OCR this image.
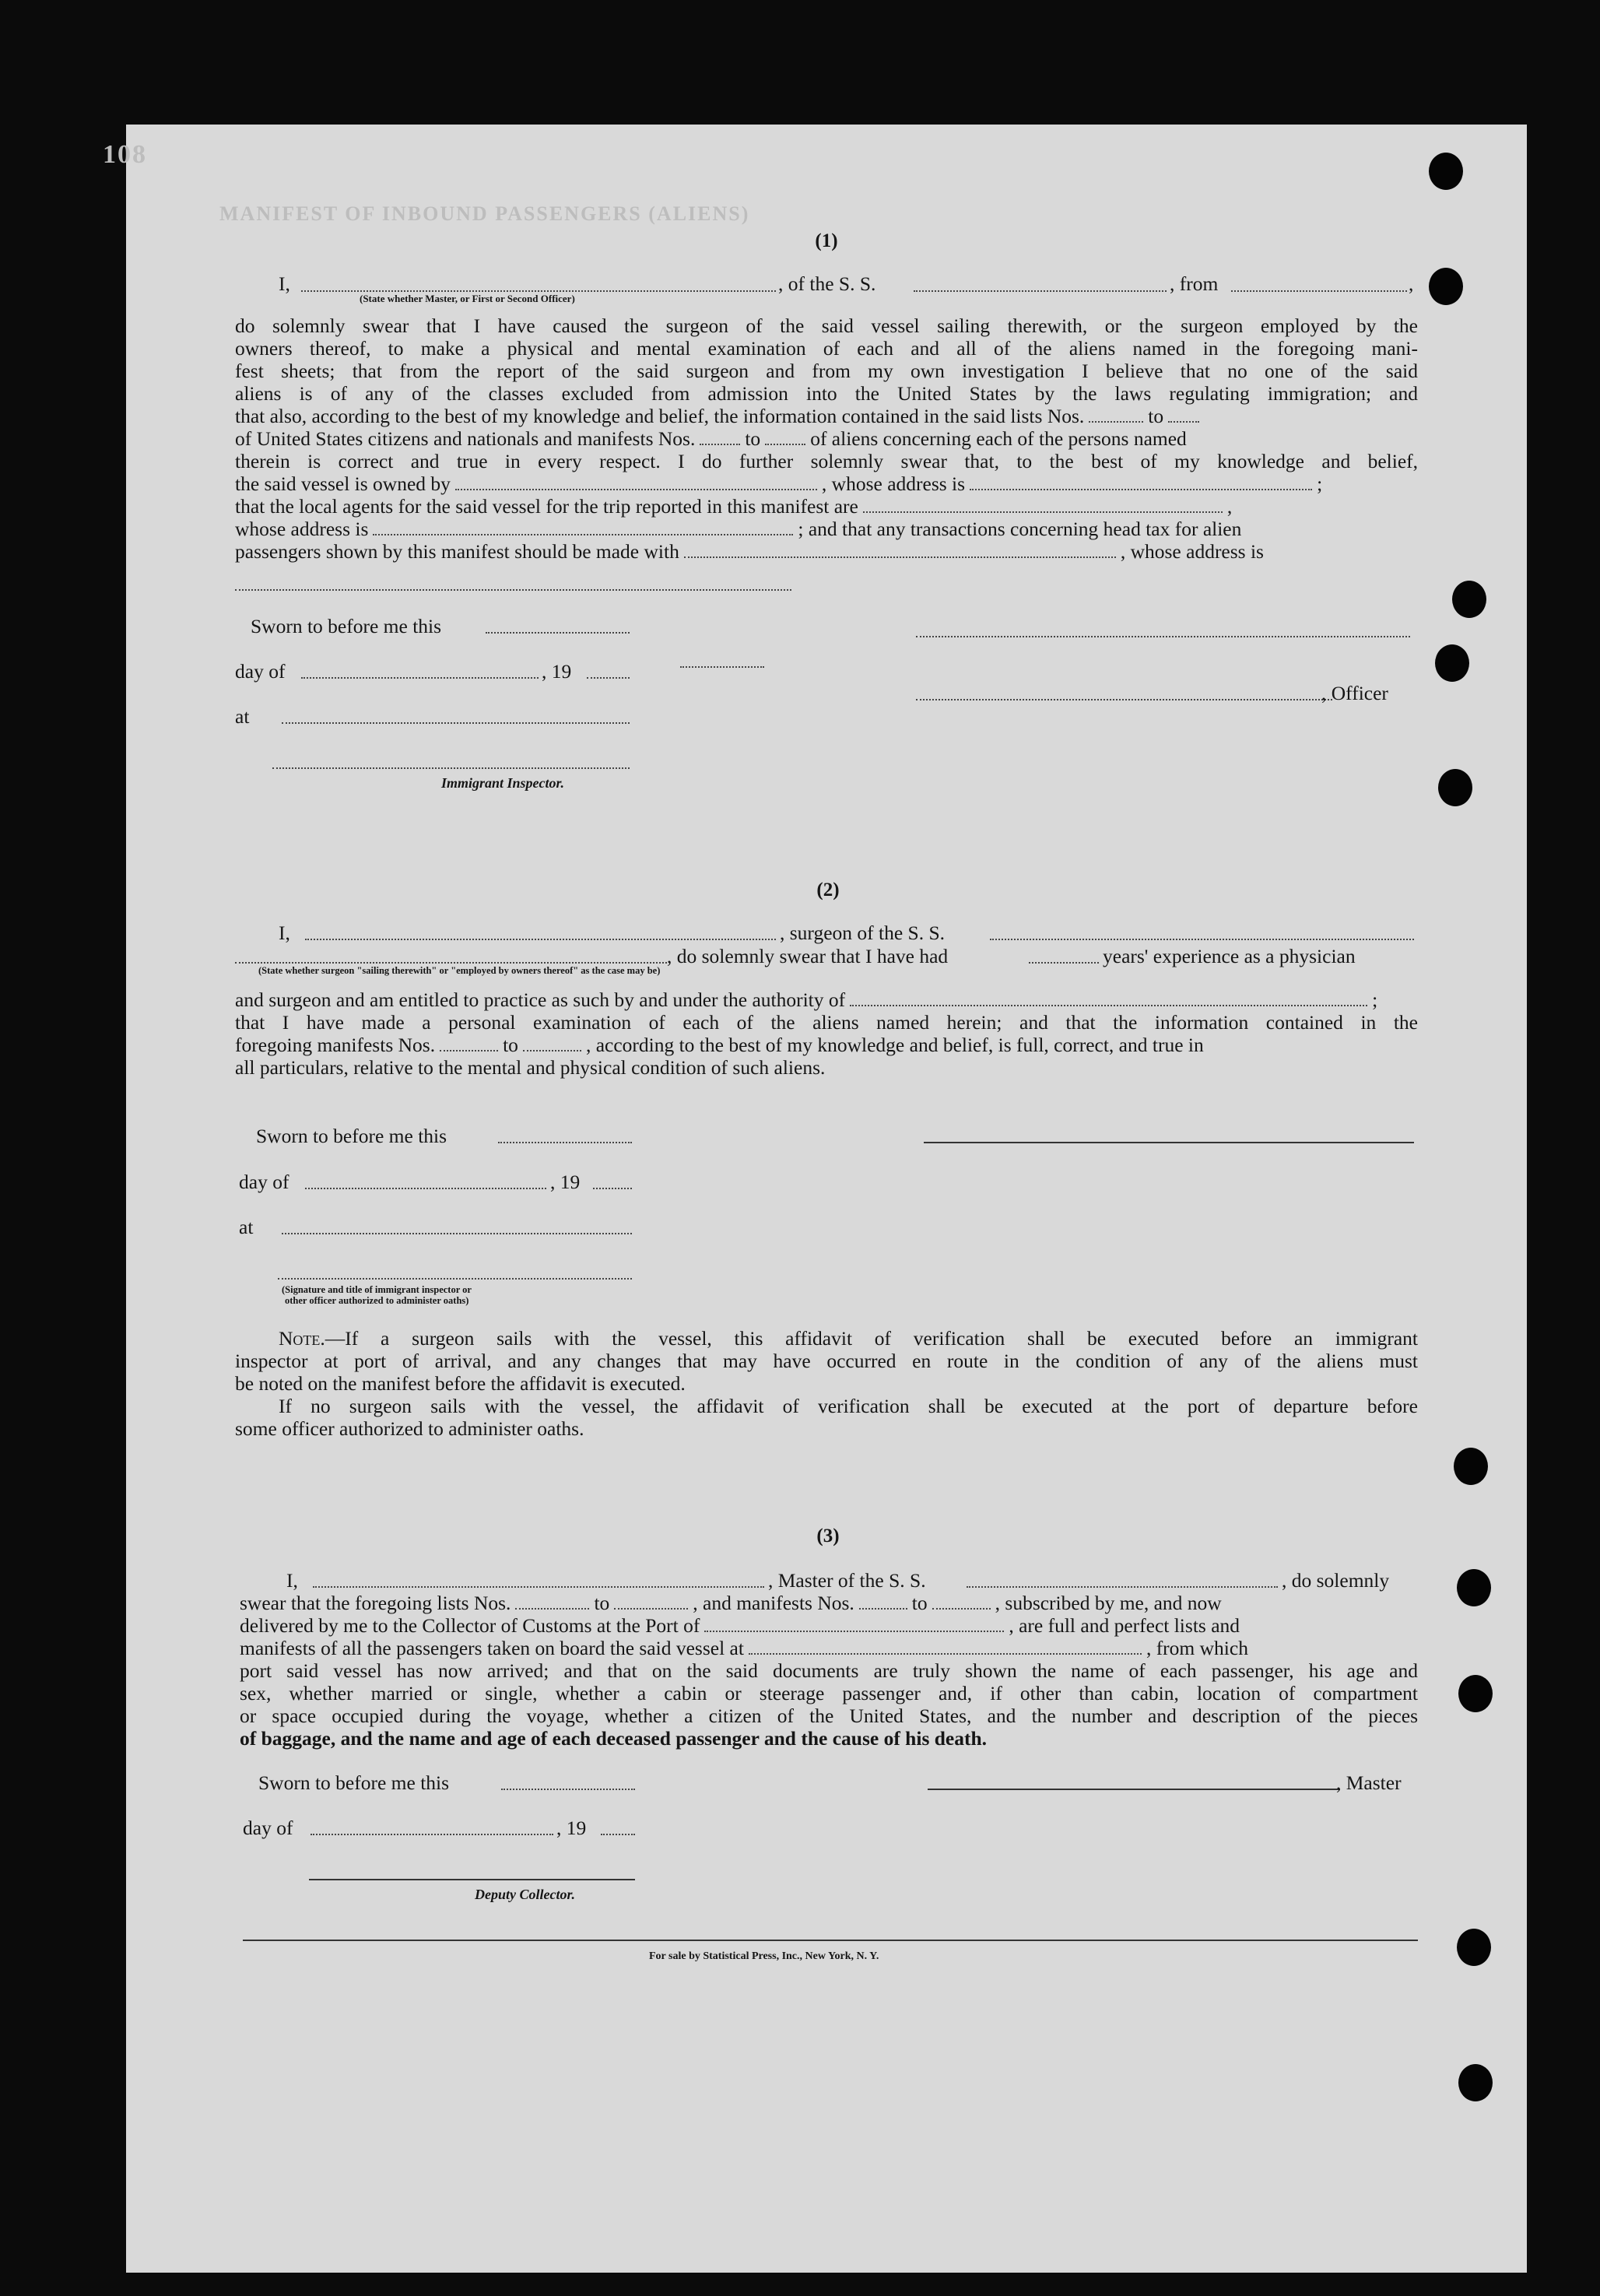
MANIFEST OF INBOUND PASSENGERS (ALIENS)
108
(1)
I,	, of the S. S.	, from	,
(State whether Master, or First or Second Officer)
do solemnly swear that I have caused the surgeon of the said vessel sailing therewith, or the surgeon employed by the
owners thereof, to make a physical and mental examination of each and all of the aliens named in the foregoing mani-
fest sheets; that from the report of the said surgeon and from my own investigation I believe that no one of the said
aliens is of any of the classes excluded from admission into the United States by the laws regulating immigration; and
that also, according to the best of my knowledge and belief, the information contained in the said lists Nos.	to
of United States citizens and nationals and manifests Nos.	to	of aliens concerning each of the persons named
therein is correct and true in every respect. I do further solemnly swear that, to the best of my knowledge and belief,
the said vessel is owned by	, whose address is	;
that the local agents for the said vessel for the trip reported in this manifest are	,
whose address is	; and that any transactions concerning head tax for alien
passengers shown by this manifest should be made with	, whose address is
Sworn to before me this
day of	, 19
at
Immigrant Inspector.
, Officer
(2)
I,	, surgeon of the S. S.
, do solemnly swear that I have had	years' experience as a physician
(State whether surgeon "sailing therewith" or "employed by owners thereof" as the case may be)
and surgeon and am entitled to practice as such by and under the authority of	;
that I have made a personal examination of each of the aliens named herein; and that the information contained in the
foregoing manifests Nos.	to	, according to the best of my knowledge and belief, is full, correct, and true in
all particulars, relative to the mental and physical condition of such aliens.
Sworn to before me this
day of	, 19
at
(Signature and title of immigrant inspector or
other officer authorized to administer oaths)
Note.—If a surgeon sails with the vessel, this affidavit of verification shall be executed before an immigrant
inspector at port of arrival, and any changes that may have occurred en route in the condition of any of the aliens must
be noted on the manifest before the affidavit is executed.
If no surgeon sails with the vessel, the affidavit of verification shall be executed at the port of departure before
some officer authorized to administer oaths.
(3)
I,	, Master of the S. S.	, do solemnly
swear that the foregoing lists Nos.	to	, and manifests Nos.	to	, subscribed by me, and now
delivered by me to the Collector of Customs at the Port of	, are full and perfect lists and
manifests of all the passengers taken on board the said vessel at	, from which
port said vessel has now arrived; and that on the said documents are truly shown the name of each passenger, his age and
sex, whether married or single, whether a cabin or steerage passenger and, if other than cabin, location of compartment
or space occupied during the voyage, whether a citizen of the United States, and the number and description of the pieces
of baggage, and the name and age of each deceased passenger and the cause of his death.
Sworn to before me this	, Master
day of	, 19
Deputy Collector.
For sale by Statistical Press, Inc., New York, N. Y.
